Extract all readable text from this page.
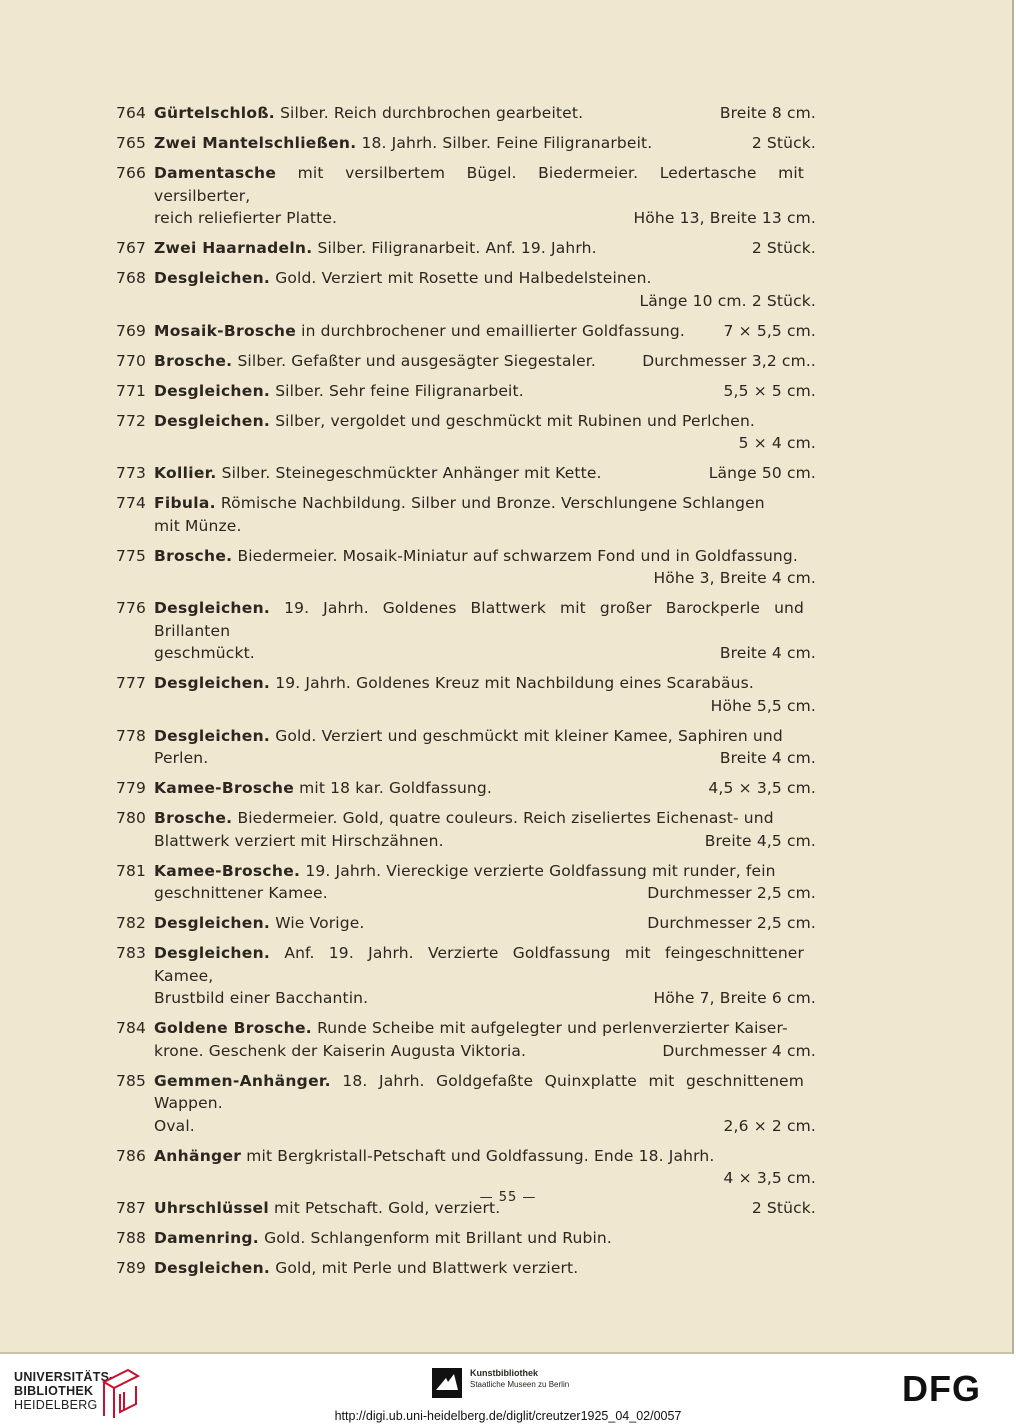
764 Gürtelschloß. Silber. Reich durchbrochen gearbeitet.	Breite 8 cm.
765 Zwei Mantelschließen. 18. Jahrh. Silber. Feine Filigranarbeit.	2 Stück.
766 Damentasche mit versilbertem Bügel. Biedermeier. Ledertasche mit versilberter,
reich reliefierter Platte.	Höhe 13, Breite 13 cm.
767 Zwei Haarnadeln. Silber. Filigranarbeit. Anf. 19. Jahrh.	2 Stück.
768 Desgleichen. Gold. Verziert mit Rosette und Halbedelsteinen.
Länge 10 cm. 2 Stück.
769 Mosaik-Brosche in durchbrochener und emaillierter Goldfassung. 7 × 5,5 cm.
770 Brosche. Silber. Gefaßter und ausgesägter Siegestaler.	Durchmesser 3,2 cm..
771 Desgleichen. Silber. Sehr feine Filigranarbeit.	5,5 × 5 cm.
772 Desgleichen. Silber, vergoldet und geschmückt mit Rubinen und Perlchen.
5 × 4 cm.
773 Kollier. Silber. Steinegeschmückter Anhänger mit Kette.	Länge 50 cm.
774 Fibula. Römische Nachbildung. Silber und Bronze. Verschlungene Schlangen
mit Münze.
775 Brosche. Biedermeier. Mosaik-Miniatur auf schwarzem Fond und in Goldfassung.
Höhe 3, Breite 4 cm.
776 Desgleichen. 19. Jahrh. Goldenes Blattwerk mit großer Barockperle und Brillanten
geschmückt.	Breite 4 cm.
777 Desgleichen. 19. Jahrh. Goldenes Kreuz mit Nachbildung eines Scarabäus.
Höhe 5,5 cm.
778 Desgleichen. Gold. Verziert und geschmückt mit kleiner Kamee, Saphiren und
Perlen.	Breite 4 cm.
779 Kamee-Brosche mit 18 kar. Goldfassung.	4,5 × 3,5 cm.
780 Brosche. Biedermeier. Gold, quatre couleurs. Reich ziseliertes Eichenast- und
Blattwerk verziert mit Hirschzähnen.	Breite 4,5 cm.
781 Kamee-Brosche. 19. Jahrh. Viereckige verzierte Goldfassung mit runder, fein
geschnittener Kamee.	Durchmesser 2,5 cm.
782 Desgleichen. Wie Vorige.	Durchmesser 2,5 cm.
783 Desgleichen. Anf. 19. Jahrh. Verzierte Goldfassung mit feingeschnittener Kamee,
Brustbild einer Bacchantin.	Höhe 7, Breite 6 cm.
784 Goldene Brosche. Runde Scheibe mit aufgelegter und perlenverzierter Kaiser-
krone. Geschenk der Kaiserin Augusta Viktoria.	Durchmesser 4 cm.
785 Gemmen-Anhänger. 18. Jahrh. Goldgefaßte Quinxplatte mit geschnittenem Wappen.
Oval.	2,6 × 2 cm.
786 Anhänger mit Bergkristall-Petschaft und Goldfassung. Ende 18. Jahrh.
4 × 3,5 cm.
787 Uhrschlüssel mit Petschaft. Gold, verziert.	2 Stück.
788 Damenring. Gold. Schlangenform mit Brillant und Rubin.
789 Desgleichen. Gold, mit Perle und Blattwerk verziert.
— 55 —
UNIVERSITÄTS-
BIBLIOTHEK
HEIDELBERG
Kunstbibliothek
Staatliche Museen zu Berlin	DFG
http://digi.ub.uni-heidelberg.de/diglit/creutzer1925_04_02/0057
